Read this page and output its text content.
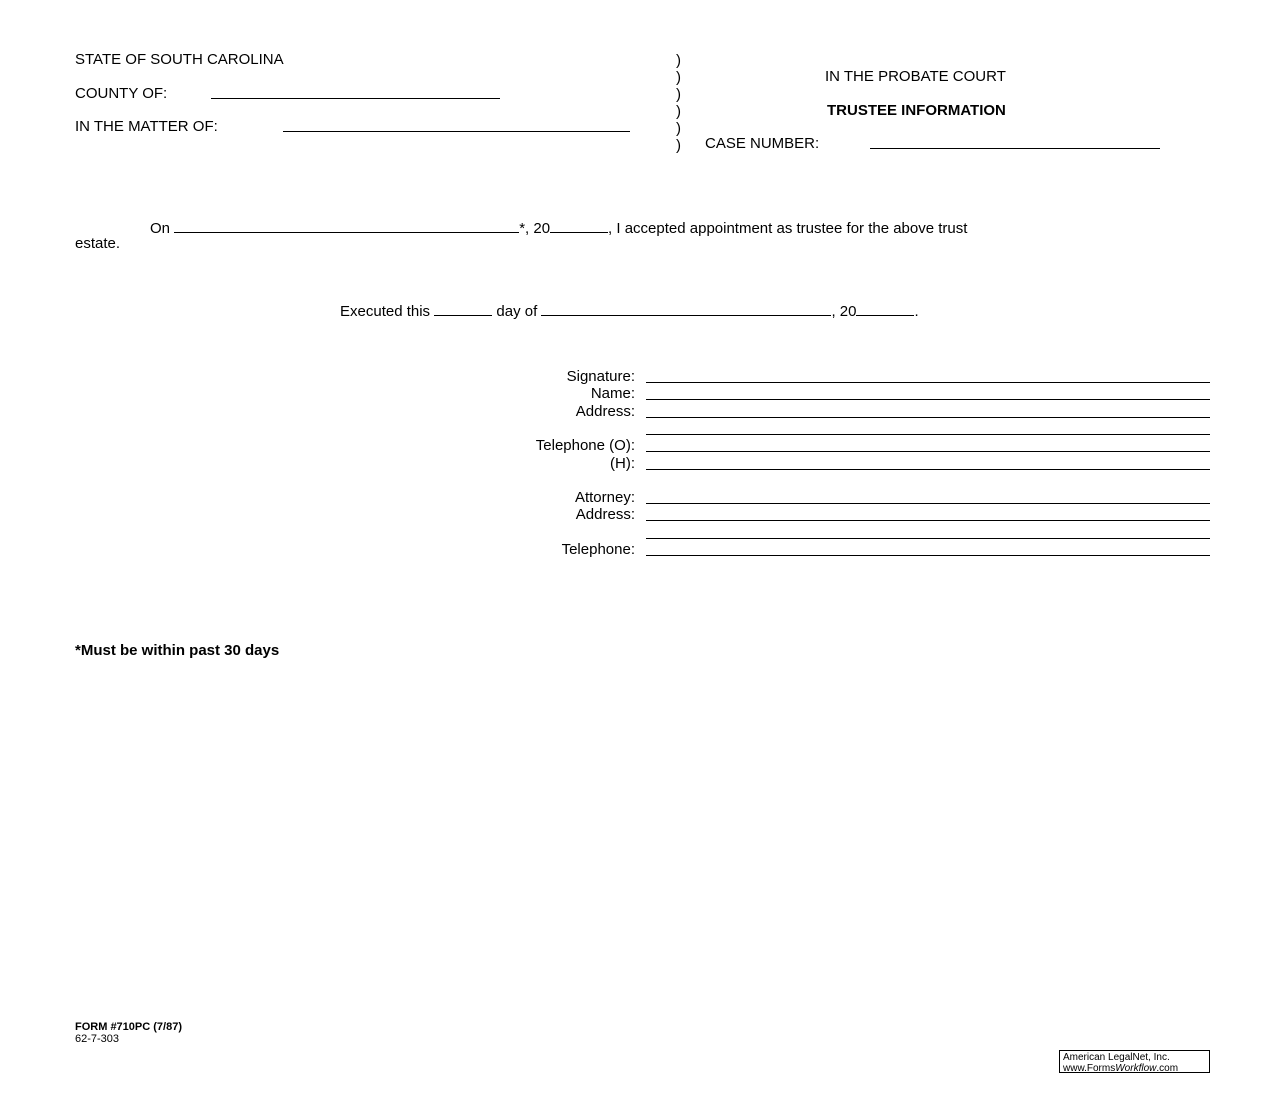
STATE OF SOUTH CAROLINA
COUNTY OF:
IN THE MATTER OF:
)
)
)
)
)
)
IN THE PROBATE COURT
TRUSTEE INFORMATION
CASE NUMBER:
On	*, 20	, I accepted appointment as trustee for the above trust
estate.
Executed this	day of	, 20	.
Signature:
Name:
Address:
Telephone (O):
(H):
Attorney:
Address:
Telephone:
*Must be within past 30 days
FORM #710PC (7/87)
62-7-303
American LegalNet, Inc.
www.FormsWorkflow.com
